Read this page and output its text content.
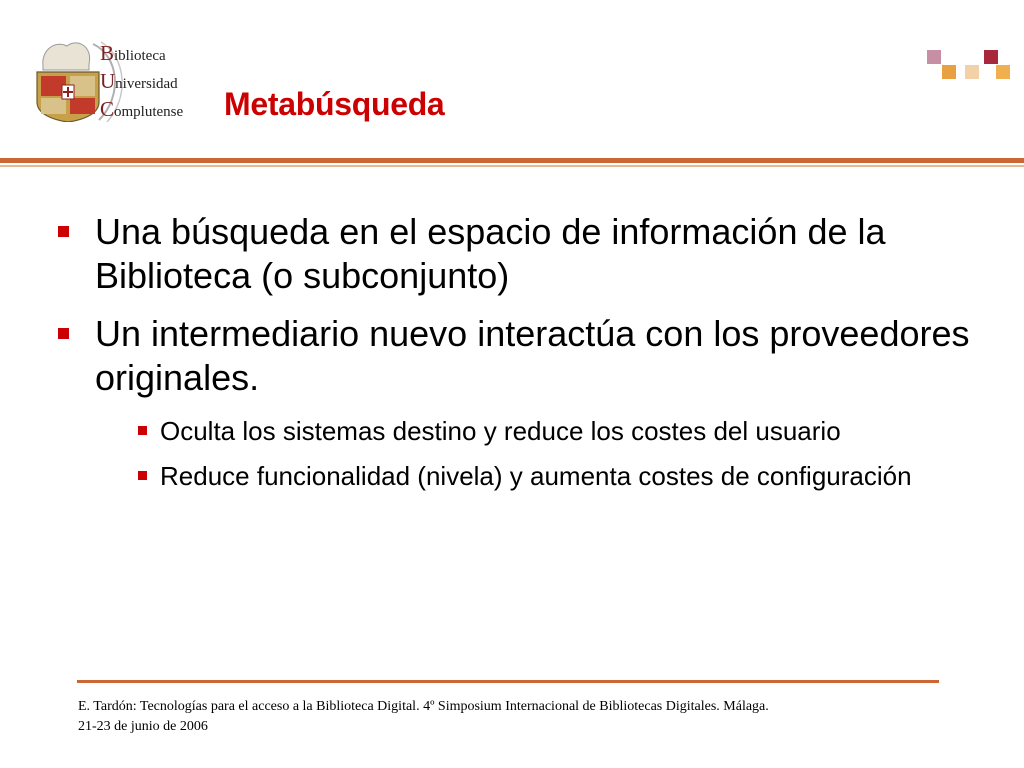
Biblioteca
Universidad
Complutense Metabúsqueda
Una búsqueda en el espacio de información de la Biblioteca (o subconjunto)
Un intermediario nuevo interactúa con los proveedores originales.
Oculta los sistemas destino y reduce los costes del usuario
Reduce funcionalidad (nivela) y aumenta costes de configuración
E. Tardón: Tecnologías para el acceso a la Biblioteca Digital. 4º Simposium Internacional de Bibliotecas Digitales. Málaga.
21-23 de junio de 2006
